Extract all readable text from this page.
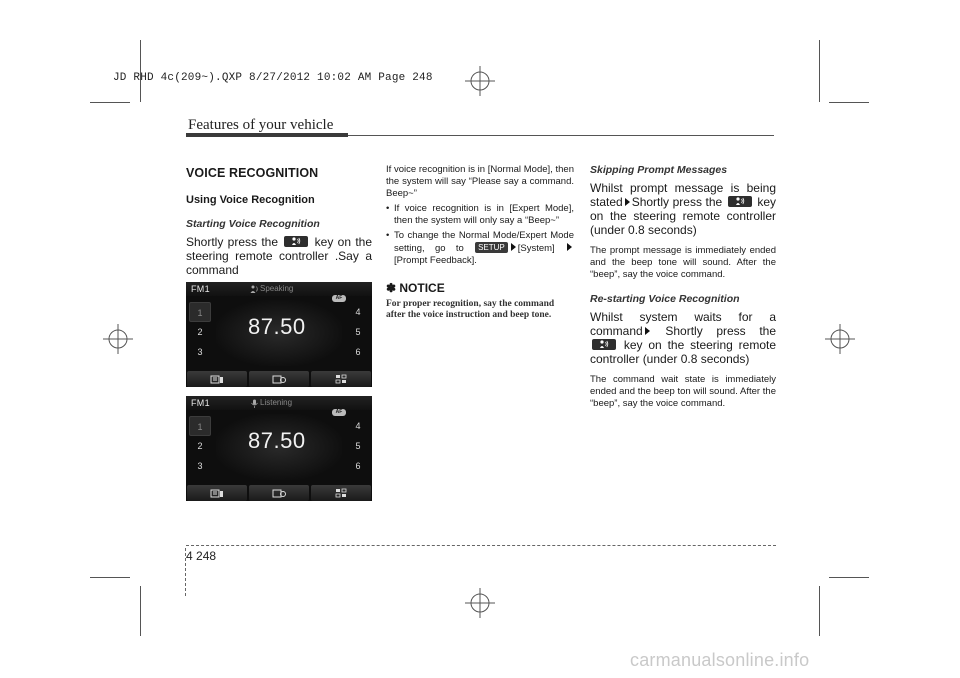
JD RHD 4c(209~).QXP 8/27/2012 10:02 AM Page 248
Features of your vehicle
VOICE RECOGNITION
Using Voice Recognition
Starting Voice Recognition
Shortly press the	key on the steering remote controller .Say a command
FM1	Speaking
AF
1
2
3
4
5
6
87.50
FM1	Listening
AF
1
2
3
4
5
6
87.50
If voice recognition is in [Normal Mode], then the system will say “Please say a command. Beep~”
• If voice recognition is in [Expert Mode], then the system will only say a “Beep~”
• To change the Normal Mode/Expert Mode setting, go to SETUP [System] [Prompt Feedback].
✽ NOTICE
For proper recognition, say the command after the voice instruction and beep tone.
Skipping Prompt Messages
Whilst prompt message is being stated Shortly press the	key on the steering remote controller (under 0.8 seconds)
The prompt message is immediately ended and the beep tone will sound. After the “beep”, say the voice command.
Re-starting Voice Recognition
Whilst system waits for a command Shortly press the
key on the steering remote controller (under 0.8 seconds)
The command wait state is immediately ended and the beep ton will sound. After the “beep”, say the voice command.
4 248
carmanualsonline.info
